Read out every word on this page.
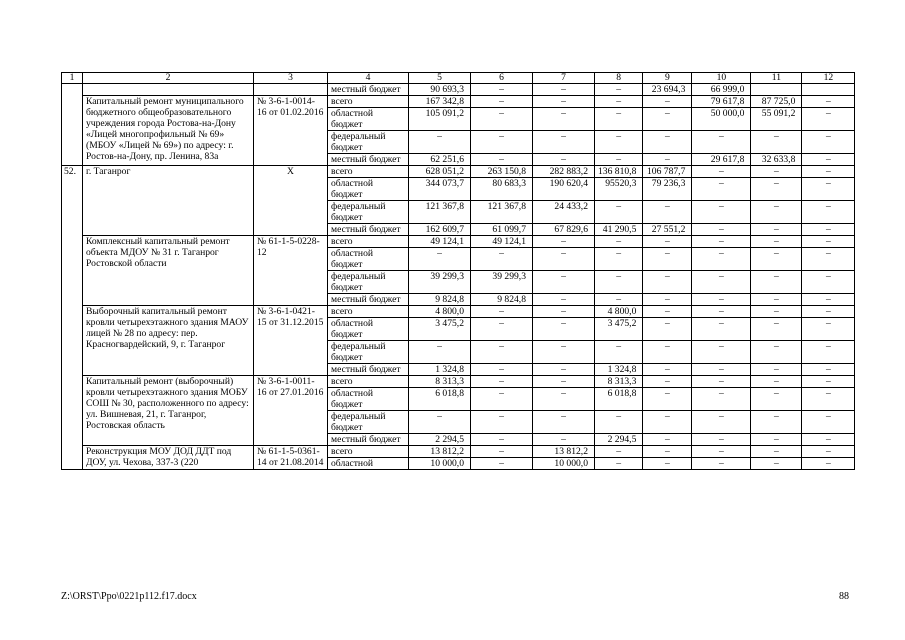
1	2	3	4	5	6	7	8	9	10	11	12
			местный бюджет	90 693,3	–	–	–	23 694,3	66 999,0		
	Капитальный ремонт муниципального бюджетного общеобразовательного учреждения города Ростова-на-Дону «Лицей многопрофильный № 69» (МБОУ «Лицей № 69») по адресу: г. Ростов-на-Дону, пр. Ленина, 83а	№ 3-6-1-0014-16 от 01.02.2016	всего	167 342,8	–	–	–	–	79 617,8	87 725,0	–
			областной бюджет	105 091,2	–	–	–	–	50 000,0	55 091,2	–
			федеральный бюджет	–	–	–	–	–	–	–	–
			местный бюджет	62 251,6	–	–	–	–	29 617,8	32 633,8	–
52.	г. Таганрог	Х	всего	628 051,2	263 150,8	282 883,2	136 810,8	106 787,7	–	–	–
			областной бюджет	344 073,7	80 683,3	190 620,4	95520,3	79 236,3	–	–	–
			федеральный бюджет	121 367,8	121 367,8	24 433,2	–	–	–	–	–
			местный бюджет	162 609,7	61 099,7	67 829,6	41 290,5	27 551,2	–	–	–
	Комплексный капитальный ремонт объекта МДОУ № 31 г. Таганрог Ростовской области	№ 61-1-5-0228-12	всего	49 124,1	49 124,1	–	–	–	–	–	–
			областной бюджет	–	–	–	–	–	–	–	–
			федеральный бюджет	39 299,3	39 299,3	–	–	–	–	–	–
			местный бюджет	9 824,8	9 824,8	–	–	–	–	–	–
	Выборочный капитальный ремонт кровли четырехэтажного здания МАОУ лицей № 28 по адресу: пер. Красногвардейский, 9, г. Таганрог	№ 3-6-1-0421-15 от 31.12.2015	всего	4 800,0	–	–	4 800,0	–	–	–	–
			областной бюджет	3 475,2	–	–	3 475,2	–	–	–	–
			федеральный бюджет	–	–	–	–	–	–	–	–
			местный бюджет	1 324,8	–	–	1 324,8	–	–	–	–
	Капитальный ремонт (выборочный) кровли четырехэтажного здания МОБУ СОШ № 30, расположенного по адресу: ул. Вишневая, 21, г. Таганрог, Ростовская область	№ 3-6-1-0011-16 от 27.01.2016	всего	8 313,3	–	–	8 313,3	–	–	–	–
			областной бюджет	6 018,8	–	–	6 018,8	–	–	–	–
			федеральный бюджет	–	–	–	–	–	–	–	–
			местный бюджет	2 294,5	–	–	2 294,5	–	–	–	–
	Реконструкция МОУ ДОД ДДТ под ДОУ, ул. Чехова, 337-3 (220	№ 61-1-5-0361-14 от 21.08.2014	всего	13 812,2	–	13 812,2	–	–	–	–	–
			областной	10 000,0	–	10 000,0	–	–	–	–	–
Z:\ORST\Ppo\0221p112.f17.docx	88
